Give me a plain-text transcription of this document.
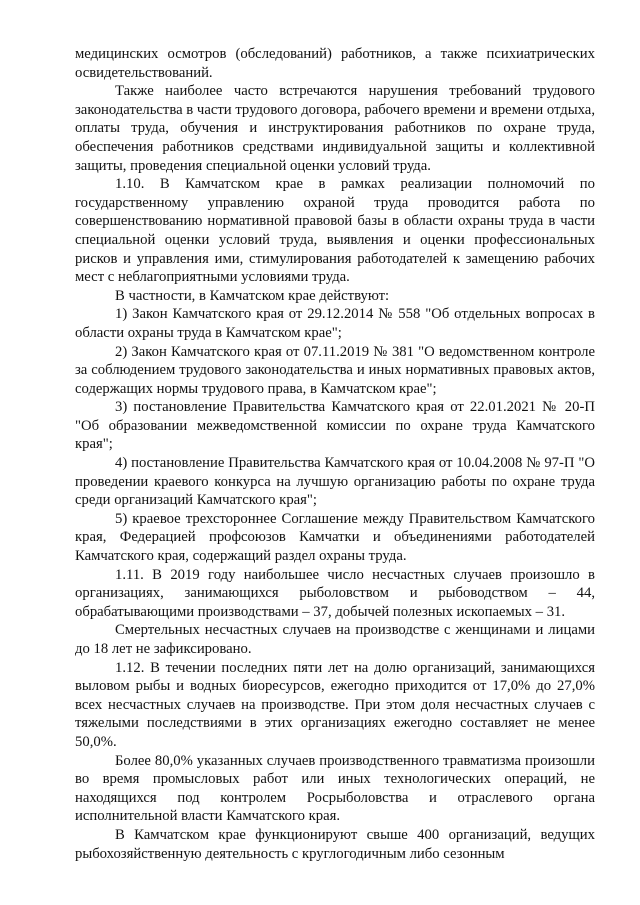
медицинских осмотров (обследований) работников, а также психиатрических освидетельствований.

Также наиболее часто встречаются нарушения требований трудового законодательства в части трудового договора, рабочего времени и времени отдыха, оплаты труда, обучения и инструктирования работников по охране труда, обеспечения работников средствами индивидуальной защиты и коллективной защиты, проведения специальной оценки условий труда.

1.10. В Камчатском крае в рамках реализации полномочий по государственному управлению охраной труда проводится работа по совершенствованию нормативной правовой базы в области охраны труда в части специальной оценки условий труда, выявления и оценки профессиональных рисков и управления ими, стимулирования работодателей к замещению рабочих мест с неблагоприятными условиями труда.

В частности, в Камчатском крае действуют:

1) Закон Камчатского края от 29.12.2014 № 558 "Об отдельных вопросах в области охраны труда в Камчатском крае";

2) Закон Камчатского края от 07.11.2019 № 381 "О ведомственном контроле за соблюдением трудового законодательства и иных нормативных правовых актов, содержащих нормы трудового права, в Камчатском крае";

3) постановление Правительства Камчатского края от 22.01.2021 № 20-П "Об образовании межведомственной комиссии по охране труда Камчатского края";

4) постановление Правительства Камчатского края от 10.04.2008 № 97-П "О проведении краевого конкурса на лучшую организацию работы по охране труда среди организаций Камчатского края";

5) краевое трехстороннее Соглашение между Правительством Камчатского края, Федерацией профсоюзов Камчатки и объединениями работодателей Камчатского края, содержащий раздел охраны труда.

1.11. В 2019 году наибольшее число несчастных случаев произошло в организациях, занимающихся рыболовством и рыбоводством – 44, обрабатывающими производствами – 37, добычей полезных ископаемых – 31.

Смертельных несчастных случаев на производстве с женщинами и лицами до 18 лет не зафиксировано.

1.12. В течении последних пяти лет на долю организаций, занимающихся выловом рыбы и водных биоресурсов, ежегодно приходится от 17,0% до 27,0% всех несчастных случаев на производстве. При этом доля несчастных случаев с тяжелыми последствиями в этих организациях ежегодно составляет не менее 50,0%.

Более 80,0% указанных случаев производственного травматизма произошли во время промысловых работ или иных технологических операций, не находящихся под контролем Росрыболовства и отраслевого органа исполнительной власти Камчатского края.

В Камчатском крае функционируют свыше 400 организаций, ведущих рыбохозяйственную деятельность с круглогодичным либо сезонным
